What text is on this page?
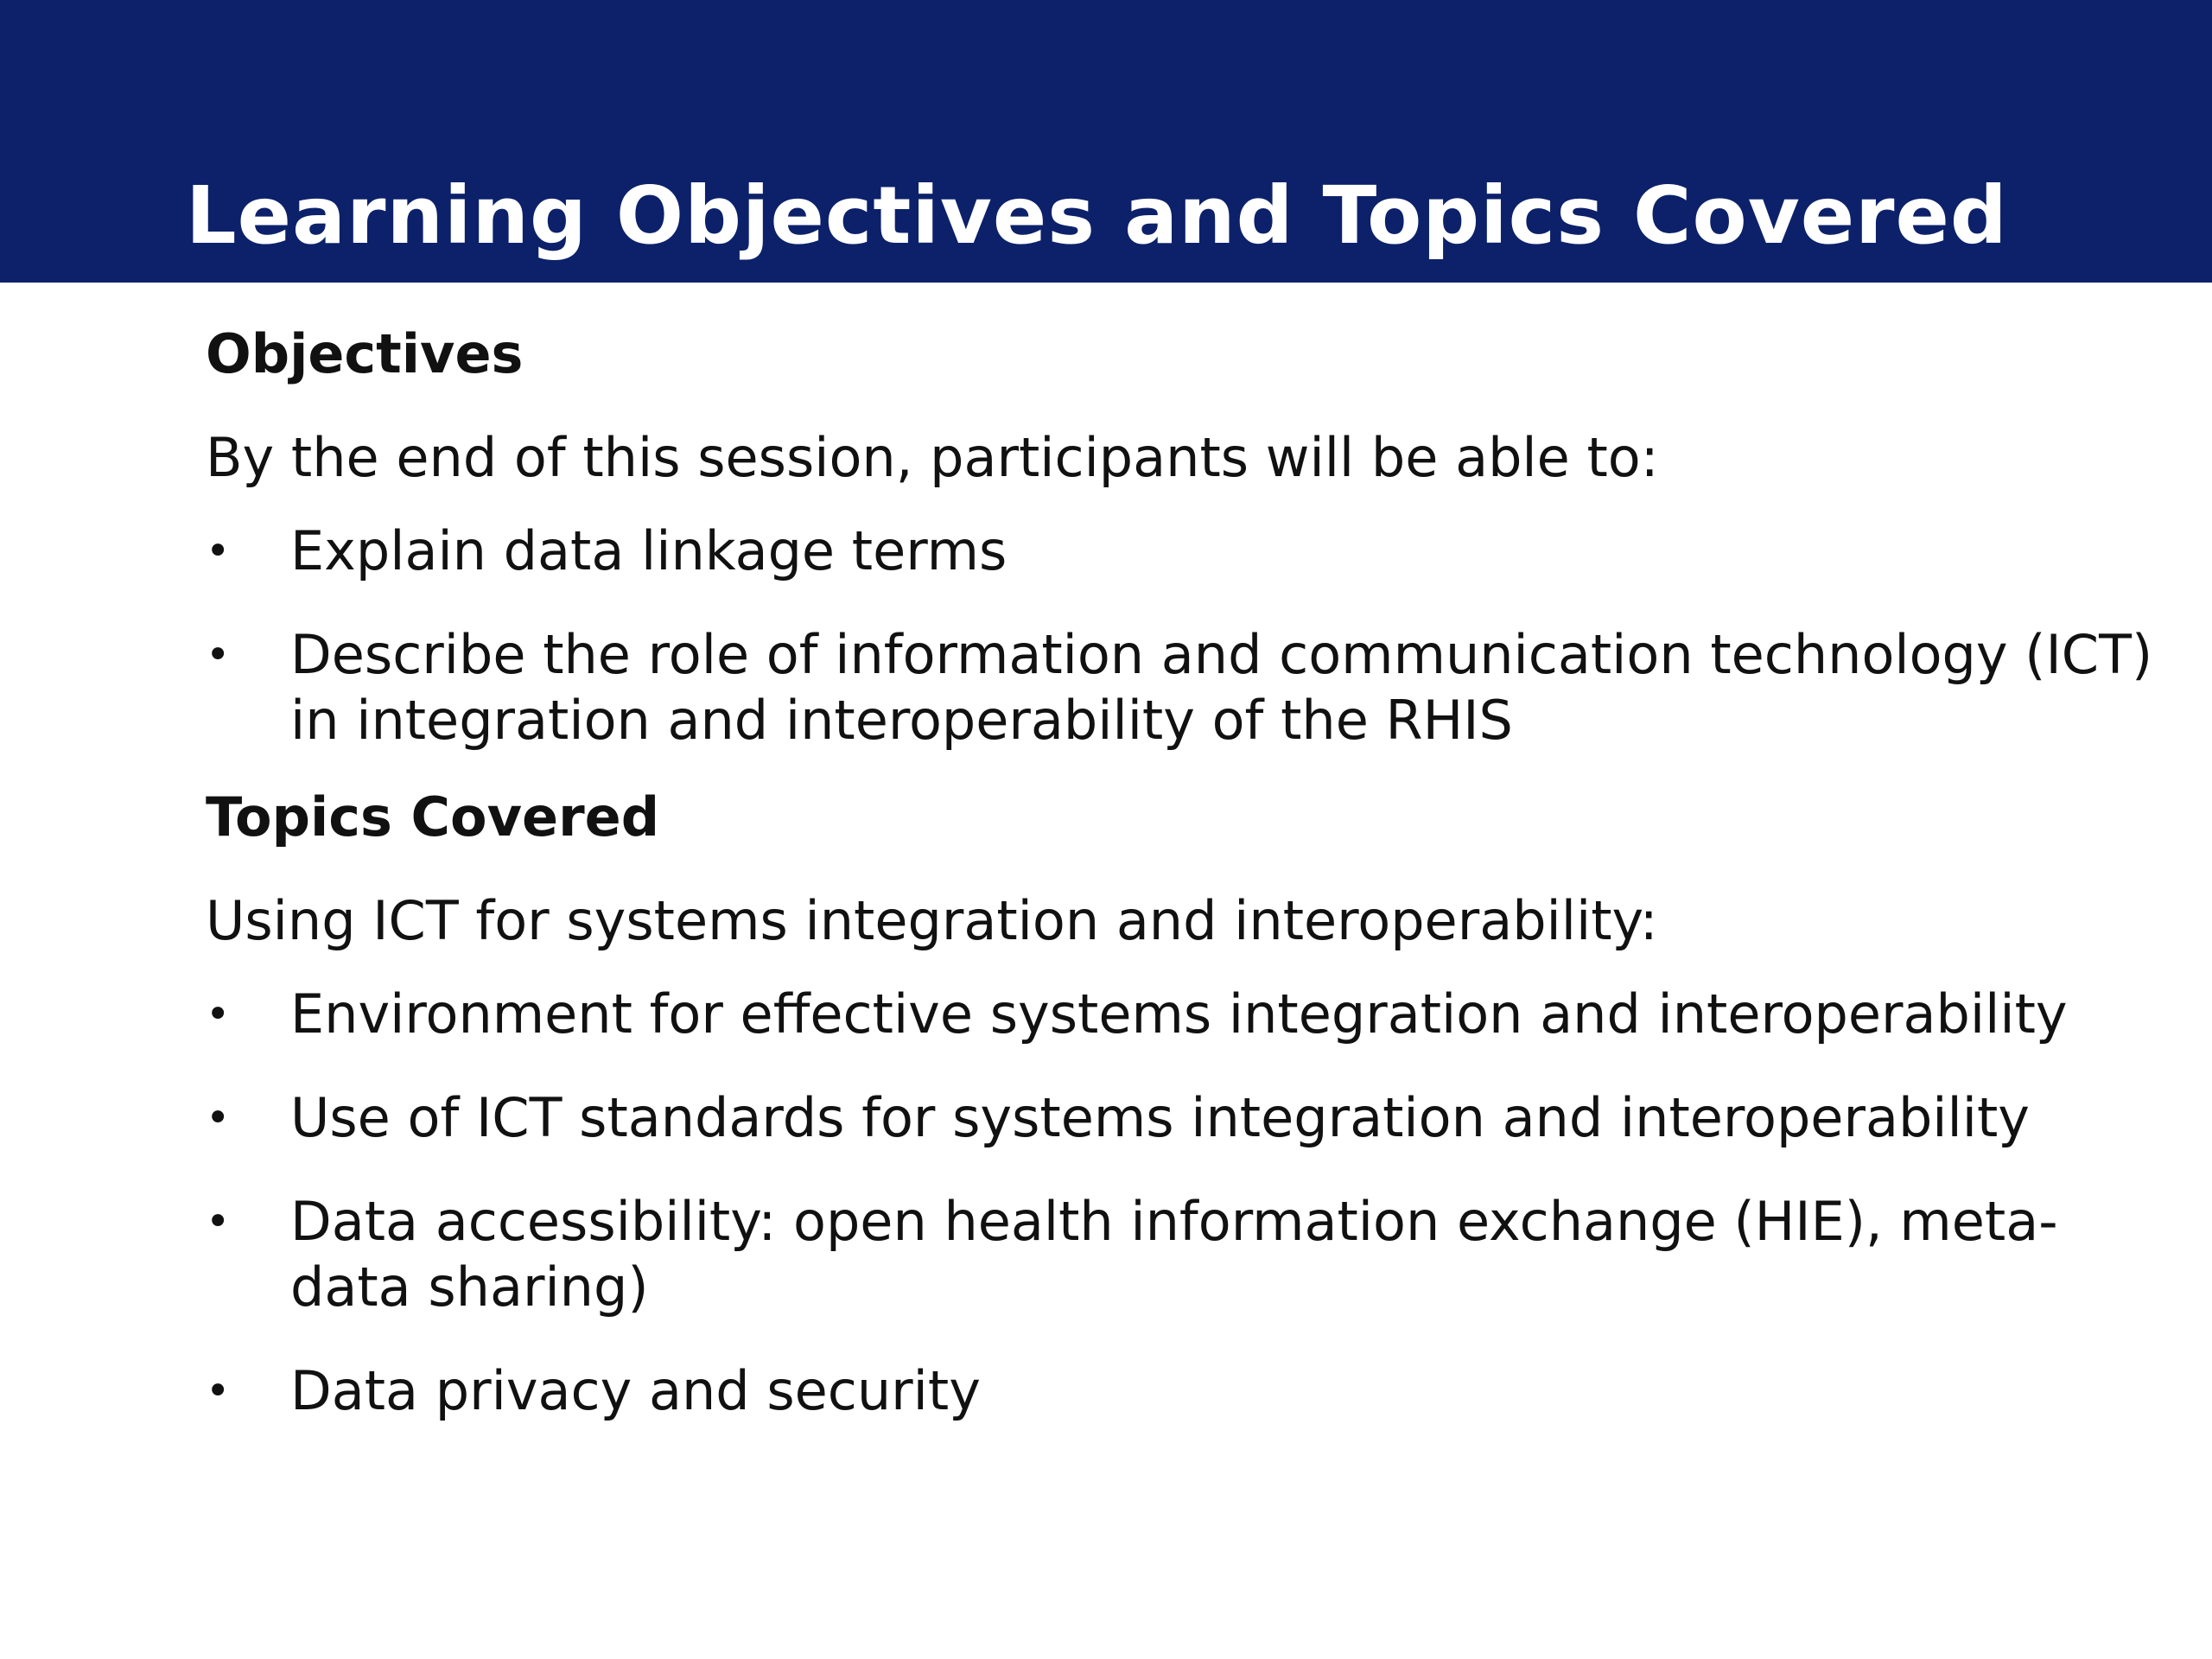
Learning Objectives and Topics Covered
Objectives

By the end of this session, participants will be able to:

• Explain data linkage terms
• Describe the role of information and communication technology (ICT) in integration and interoperability of the RHIS
Topics Covered

Using ICT for systems integration and interoperability:

• Environment for effective systems integration and interoperability
• Use of ICT standards for systems integration and interoperability
• Data accessibility: open health information exchange (HIE), meta-data sharing)
• Data privacy and security
